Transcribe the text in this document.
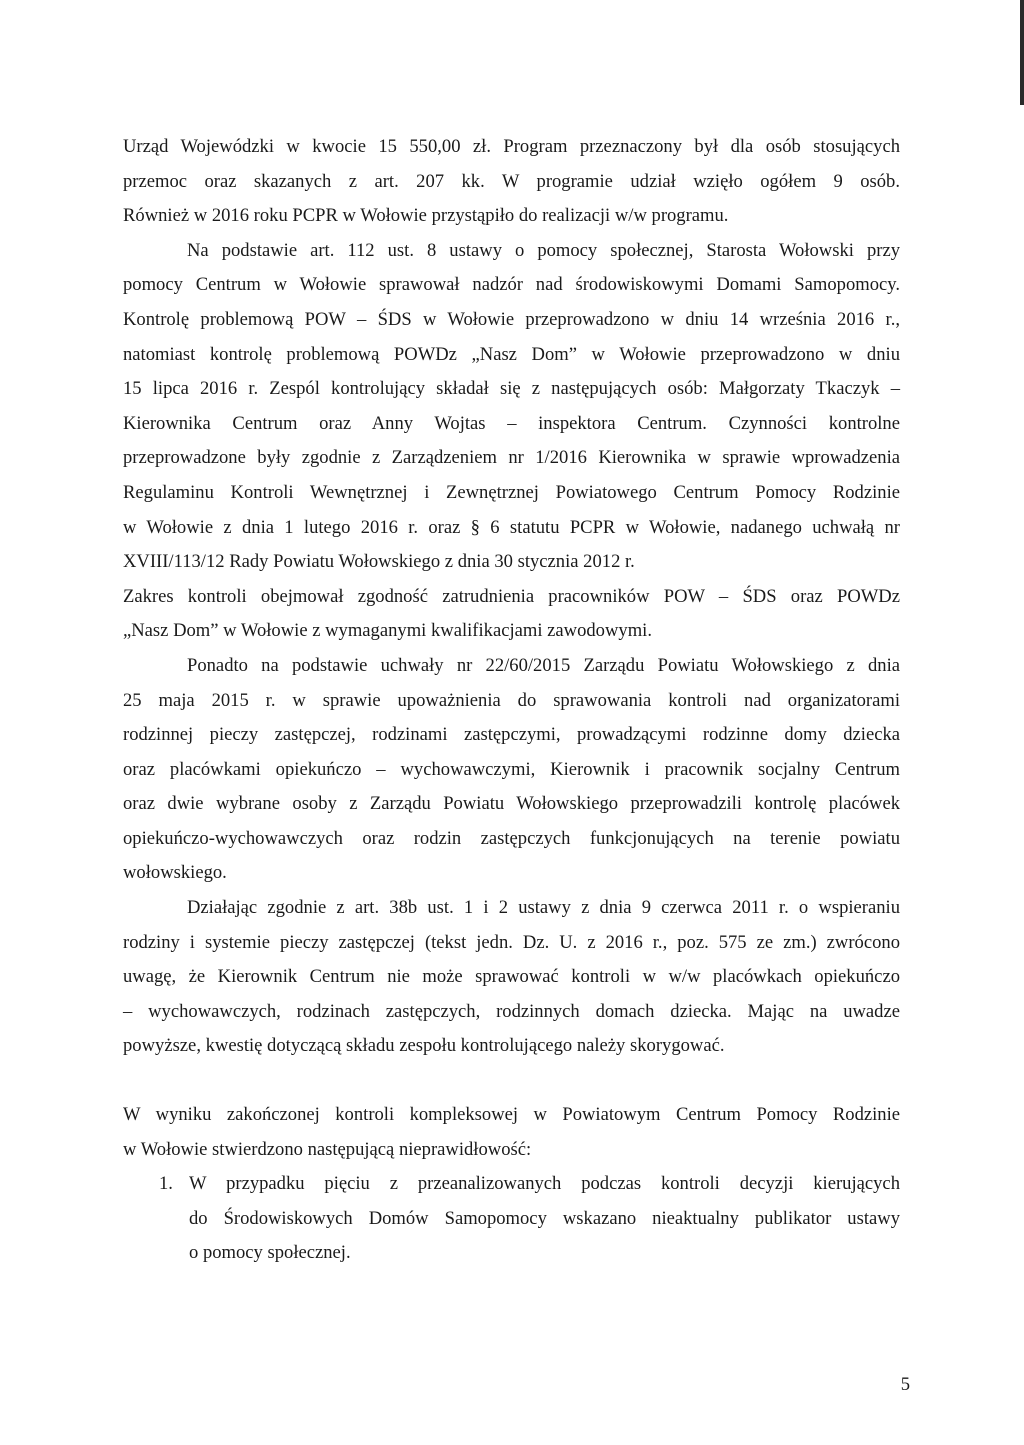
Urząd Wojewódzki w kwocie 15 550,00 zł. Program przeznaczony był dla osób stosujących
przemoc oraz skazanych z art. 207 kk. W programie udział wzięło ogółem 9 osób.
Również w 2016 roku PCPR w Wołowie przystąpiło do realizacji w/w programu.
Na podstawie art. 112 ust. 8 ustawy o pomocy społecznej, Starosta Wołowski przy
pomocy Centrum w Wołowie sprawował nadzór nad środowiskowymi Domami Samopomocy.
Kontrolę problemową POW – ŚDS w Wołowie przeprowadzono w dniu 14 września 2016 r.,
natomiast kontrolę problemową POWDz „Nasz Dom” w Wołowie przeprowadzono w dniu
15 lipca 2016 r. Zespól kontrolujący składał się z następujących osób: Małgorzaty Tkaczyk –
Kierownika Centrum oraz Anny Wojtas – inspektora Centrum. Czynności kontrolne
przeprowadzone były zgodnie z Zarządzeniem nr 1/2016 Kierownika w sprawie wprowadzenia
Regulaminu Kontroli Wewnętrznej i Zewnętrznej Powiatowego Centrum Pomocy Rodzinie
w Wołowie z dnia 1 lutego 2016 r. oraz § 6 statutu PCPR w Wołowie, nadanego uchwałą nr
XVIII/113/12 Rady Powiatu Wołowskiego z dnia 30 stycznia 2012 r.
Zakres kontroli obejmował zgodność zatrudnienia pracowników POW – ŚDS oraz POWDz
„Nasz Dom” w Wołowie z wymaganymi kwalifikacjami zawodowymi.
Ponadto na podstawie uchwały nr 22/60/2015 Zarządu Powiatu Wołowskiego z dnia
25 maja 2015 r. w sprawie upoważnienia do sprawowania kontroli nad organizatorami
rodzinnej pieczy zastępczej, rodzinami zastępczymi, prowadzącymi rodzinne domy dziecka
oraz placówkami opiekuńczo – wychowawczymi, Kierownik i pracownik socjalny Centrum
oraz dwie wybrane osoby z Zarządu Powiatu Wołowskiego przeprowadzili kontrolę placówek
opiekuńczo-wychowawczych oraz rodzin zastępczych funkcjonujących na terenie powiatu
wołowskiego.
Działając zgodnie z art. 38b ust. 1 i 2 ustawy z dnia 9 czerwca 2011 r. o wspieraniu
rodziny i systemie pieczy zastępczej (tekst jedn. Dz. U. z 2016 r., poz. 575 ze zm.) zwrócono
uwagę, że Kierownik Centrum nie może sprawować kontroli w w/w placówkach opiekuńczo
– wychowawczych, rodzinach zastępczych, rodzinnych domach dziecka. Mając na uwadze
powyższe, kwestię dotyczącą składu zespołu kontrolującego należy skorygować.
W wyniku zakończonej kontroli kompleksowej w Powiatowym Centrum Pomocy Rodzinie
w Wołowie stwierdzono następującą nieprawidłowość:
1. W przypadku pięciu z przeanalizowanych podczas kontroli decyzji kierujących
do Środowiskowych Domów Samopomocy wskazano nieaktualny publikator ustawy
o pomocy społecznej.
5
